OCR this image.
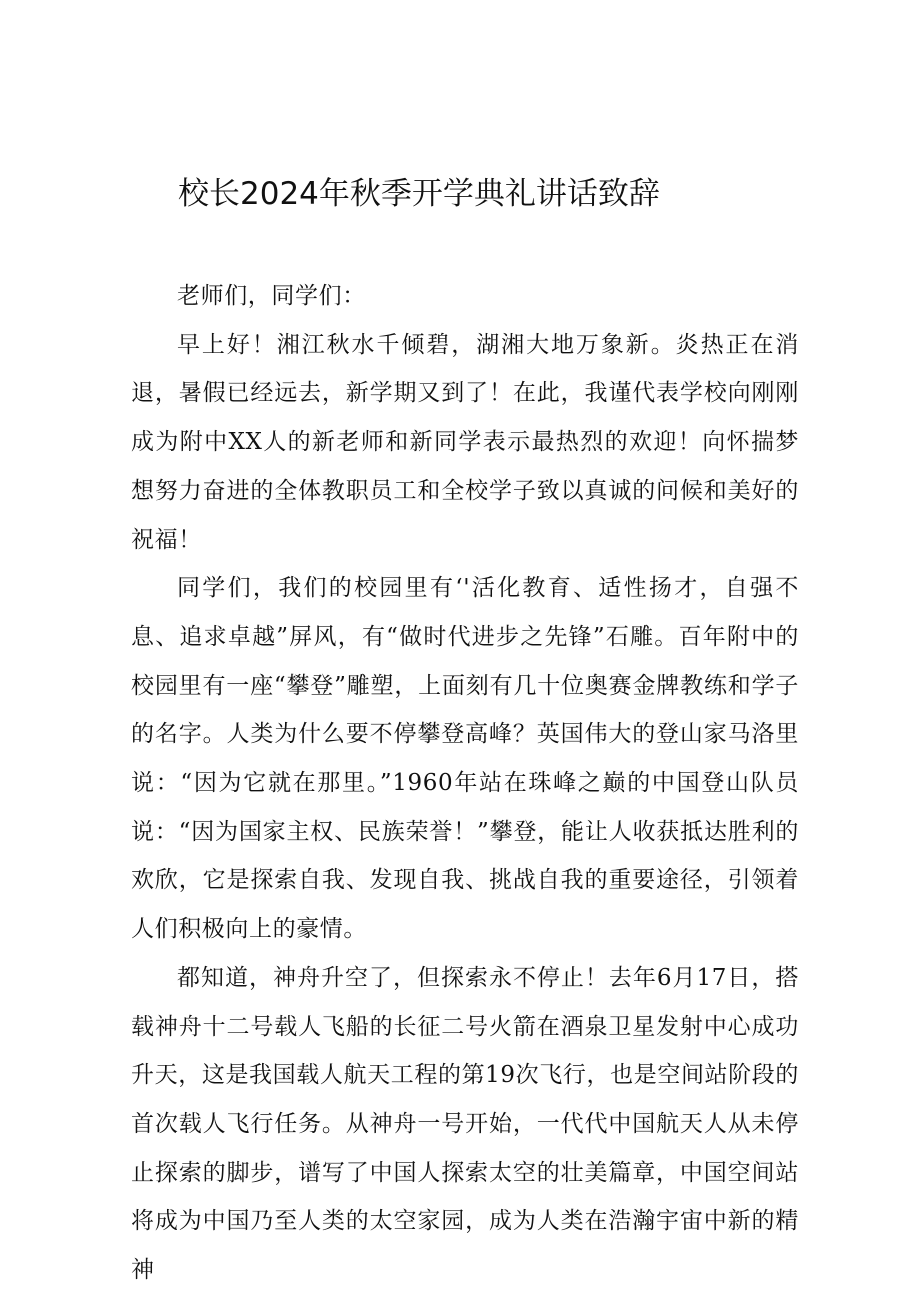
校长2024年秋季开学典礼讲话致辞

老师们，同学们：

早上好！湘江秋水千倾碧，湖湘大地万象新。炎热正在消退，暑假已经远去，新学期又到了！在此，我谨代表学校向刚刚成为附中XX人的新老师和新同学表示最热烈的欢迎！向怀揣梦想努力奋进的全体教职员工和全校学子致以真诚的问候和美好的祝福！

同学们，我们的校园里有‘'活化教育、适性扬才，自强不息、追求卓越”屏风，有“做时代进步之先锋”石雕。百年附中的校园里有一座“攀登”雕塑，上面刻有几十位奥赛金牌教练和学子的名字。人类为什么要不停攀登高峰？英国伟大的登山家马洛里说：“因为它就在那里。”1960年站在珠峰之巅的中国登山队员说：“因为国家主权、民族荣誉！”攀登，能让人收获抵达胜利的欢欣，它是探索自我、发现自我、挑战自我的重要途径，引领着人们积极向上的豪情。

都知道，神舟升空了，但探索永不停止！去年6月17日，搭载神舟十二号载人飞船的长征二号火箭在酒泉卫星发射中心成功升天，这是我国载人航天工程的第19次飞行，也是空间站阶段的首次载人飞行任务。从神舟一号开始，一代代中国航天人从未停止探索的脚步，谱写了中国人探索太空的壮美篇章，中国空间站将成为中国乃至人类的太空家园，成为人类在浩瀚宇宙中新的精神
